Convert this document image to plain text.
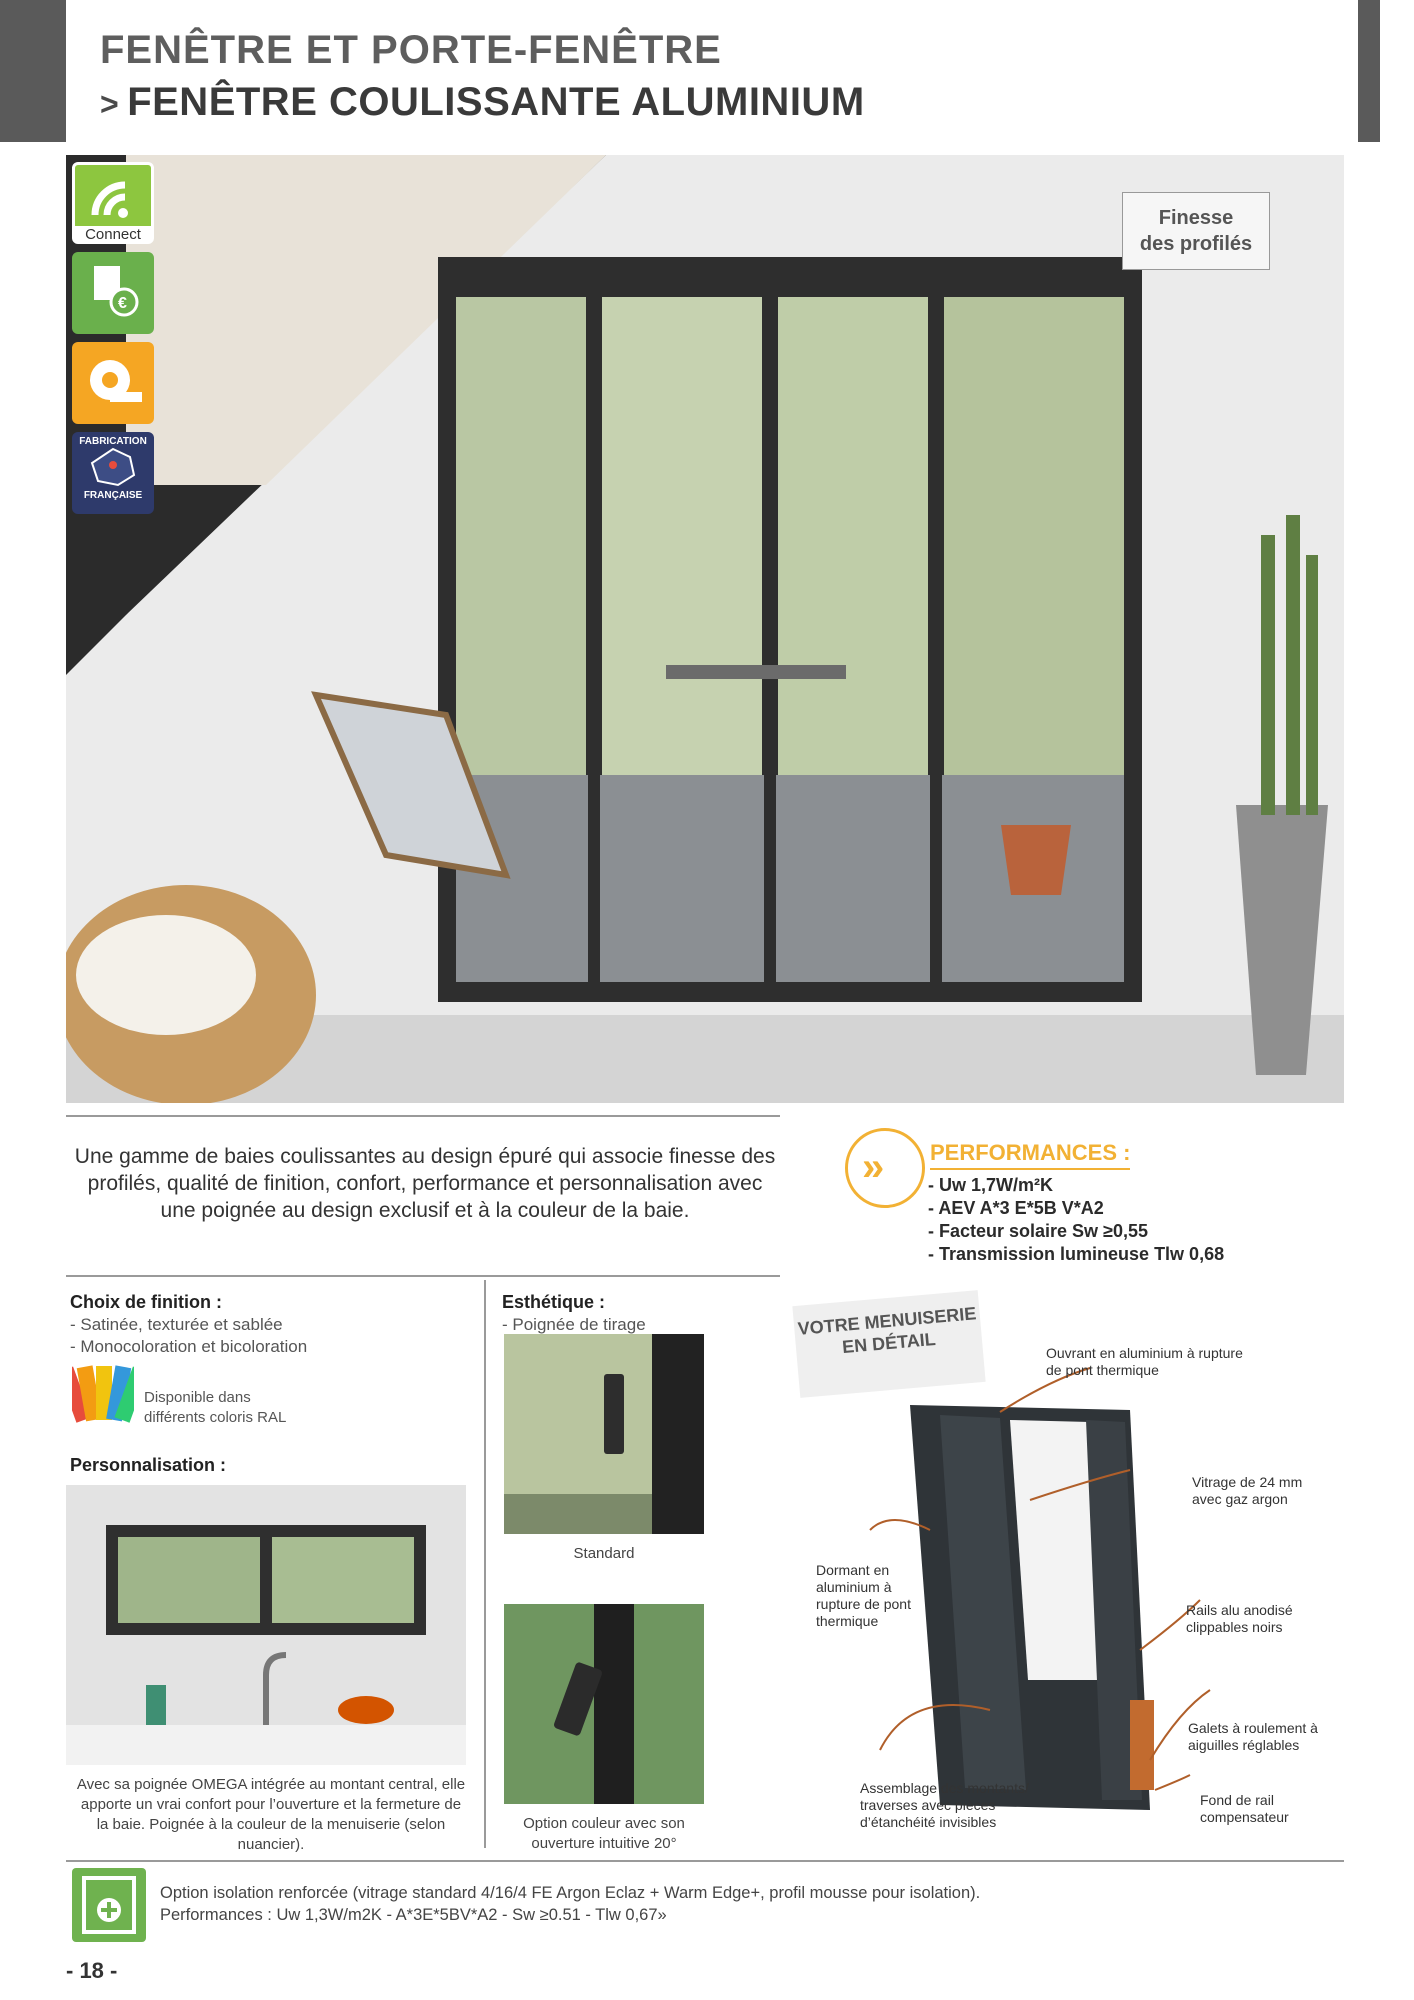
FENÊTRE ET PORTE-FENÊTRE
> FENÊTRE COULISSANTE ALUMINIUM
Connect
€
FABRICATION
FRANÇAISE
Finesse
des profilés
Une gamme de baies coulissantes au design épuré qui associe finesse des profilés, qualité de finition, confort, performance et personnalisation avec une poignée au design exclusif et à la couleur de la baie.
»	PERFORMANCES :
- Uw 1,7W/m²K
- AEV A*3 E*5B V*A2
- Facteur solaire Sw ≥0,55
- Transmission lumineuse Tlw 0,68
Choix de finition :
- Satinée, texturée et sablée
- Monocoloration et bicoloration
Disponible dans
différents coloris RAL
Personnalisation :
Avec sa poignée OMEGA intégrée au montant central, elle apporte un vrai confort pour l’ouverture et la fermeture de la baie. Poignée à la couleur de la menuiserie (selon nuancier).
Esthétique :
- Poignée de tirage
Standard
Option couleur avec son ouverture intuitive 20°
VOTRE MENUISERIE EN DÉTAIL	Ouvrant en aluminium à rupture de pont thermique
Vitrage de 24 mm avec gaz argon
Dormant en aluminium à rupture de pont thermique
Rails alu anodisé clippables noirs
Galets à roulement à aiguilles réglables
Assemblage des montants/ traverses avec pièces d’étanchéité invisibles
Fond de rail compensateur
Option isolation renforcée (vitrage standard 4/16/4 FE Argon Eclaz + Warm Edge+, profil mousse pour isolation).
Performances : Uw 1,3W/m2K - A*3E*5BV*A2 - Sw ≥0.51 - Tlw 0,67»
- 18 -
